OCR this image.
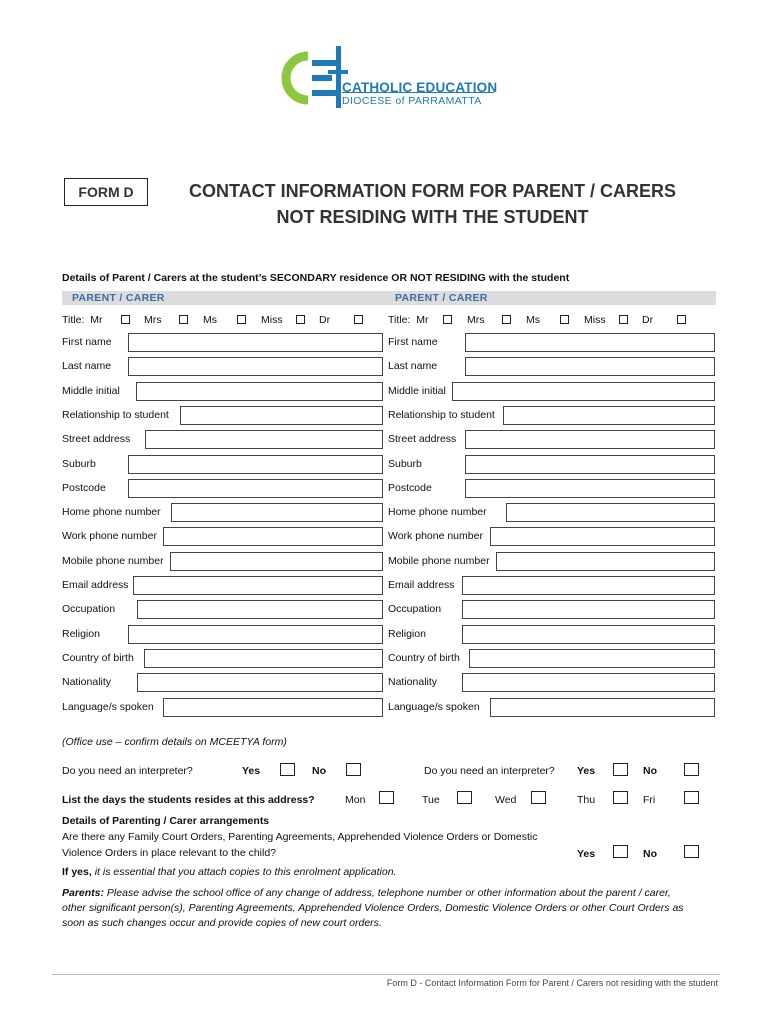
CATHOLIC EDUCATION
DIOCESE of PARRAMATTA
FORM D	CONTACT INFORMATION FORM FOR PARENT / CARERS
NOT RESIDING WITH THE STUDENT
Details of Parent / Carers at the student’s SECONDARY residence OR NOT RESIDING with the student
PARENT / CARER	PARENT / CARER
Title: Mr	Mrs	Ms	Miss	Dr	Title: Mr	Mrs	Ms	Miss	Dr
First name	First name
Last name	Last name
Middle initial	Middle initial
Relationship to student	Relationship to student
Street address	Street address
Suburb	Suburb
Postcode	Postcode
Home phone number	Home phone number
Work phone number	Work phone number
Mobile phone number	Mobile phone number
Email address	Email address
Occupation	Occupation
Religion	Religion
Country of birth	Country of birth
Nationality	Nationality
Language/s spoken	Language/s spoken
(Office use – confirm details on MCEETYA form)
Do you need an interpreter?	Yes	No	Do you need an interpreter? Yes	No
List the days the students resides at this address?	Mon	Tue	Wed	Thu	Fri
Details of Parenting / Carer arrangements
Are there any Family Court Orders, Parenting Agreements, Apprehended Violence Orders or Domestic
Violence Orders in place relevant to the child?	Yes	No
If yes, it is essential that you attach copies to this enrolment application.
Parents: Please advise the school office of any change of address, telephone number or other information about the parent / carer,
other significant person(s), Parenting Agreements, Apprehended Violence Orders, Domestic Violence Orders or other Court Orders as
soon as such changes occur and provide copies of new court orders.
Form D - Contact Information Form for Parent / Carers not residing with the student
